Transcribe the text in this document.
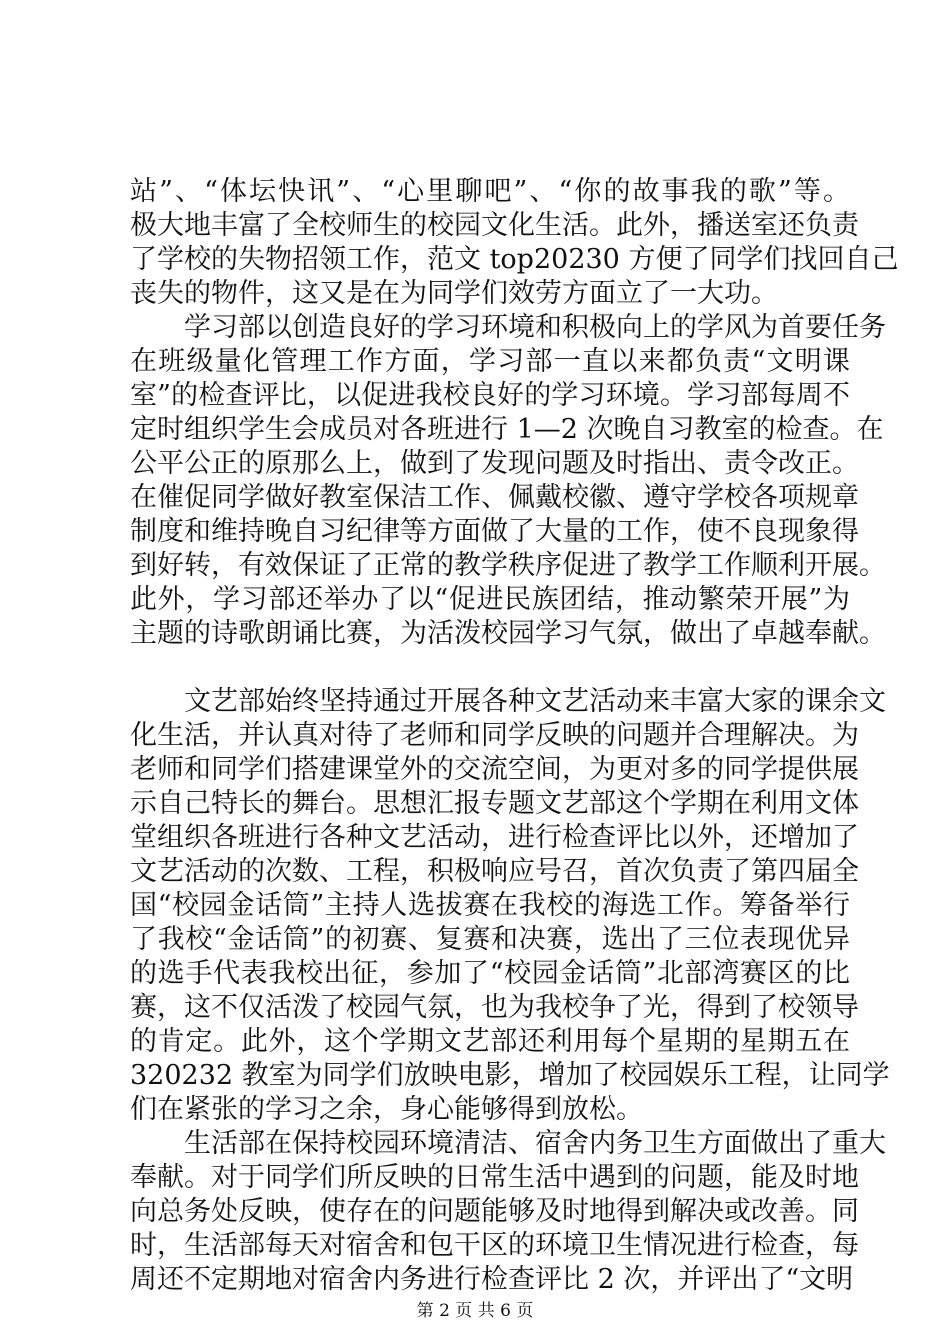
站”、“体坛快讯”、“心里聊吧”、“你的故事我的歌”等。
极大地丰富了全校师生的校园文化生活。此外，播送室还负责
了学校的失物招领工作，范文 top20230 方便了同学们找回自己
丧失的物件，这又是在为同学们效劳方面立了一大功。
学习部以创造良好的学习环境和积极向上的学风为首要任务
在班级量化管理工作方面，学习部一直以来都负责“文明课
室”的检查评比，以促进我校良好的学习环境。学习部每周不
定时组织学生会成员对各班进行 1—2 次晚自习教室的检查。在
公平公正的原那么上，做到了发现问题及时指出、责令改正。
在催促同学做好教室保洁工作、佩戴校徽、遵守学校各项规章
制度和维持晚自习纪律等方面做了大量的工作，使不良现象得
到好转，有效保证了正常的教学秩序促进了教学工作顺利开展。
此外，学习部还举办了以“促进民族团结，推动繁荣开展”为
主题的诗歌朗诵比赛，为活泼校园学习气氛，做出了卓越奉献。
文艺部始终坚持通过开展各种文艺活动来丰富大家的课余文
化生活，并认真对待了老师和同学反映的问题并合理解决。为
老师和同学们搭建课堂外的交流空间，为更对多的同学提供展
示自己特长的舞台。思想汇报专题文艺部这个学期在利用文体
堂组织各班进行各种文艺活动，进行检查评比以外，还增加了
文艺活动的次数、工程，积极响应号召，首次负责了第四届全
国“校园金话筒”主持人选拔赛在我校的海选工作。筹备举行
了我校“金话筒”的初赛、复赛和决赛，选出了三位表现优异
的选手代表我校出征，参加了“校园金话筒”北部湾赛区的比
赛，这不仅活泼了校园气氛，也为我校争了光，得到了校领导
的肯定。此外，这个学期文艺部还利用每个星期的星期五在
320232 教室为同学们放映电影，增加了校园娱乐工程，让同学
们在紧张的学习之余，身心能够得到放松。
生活部在保持校园环境清洁、宿舍内务卫生方面做出了重大
奉献。对于同学们所反映的日常生活中遇到的问题，能及时地
向总务处反映，使存在的问题能够及时地得到解决或改善。同
时，生活部每天对宿舍和包干区的环境卫生情况进行检查，每
周还不定期地对宿舍内务进行检查评比 2 次，并评出了“文明
第 2 页 共 6 页
